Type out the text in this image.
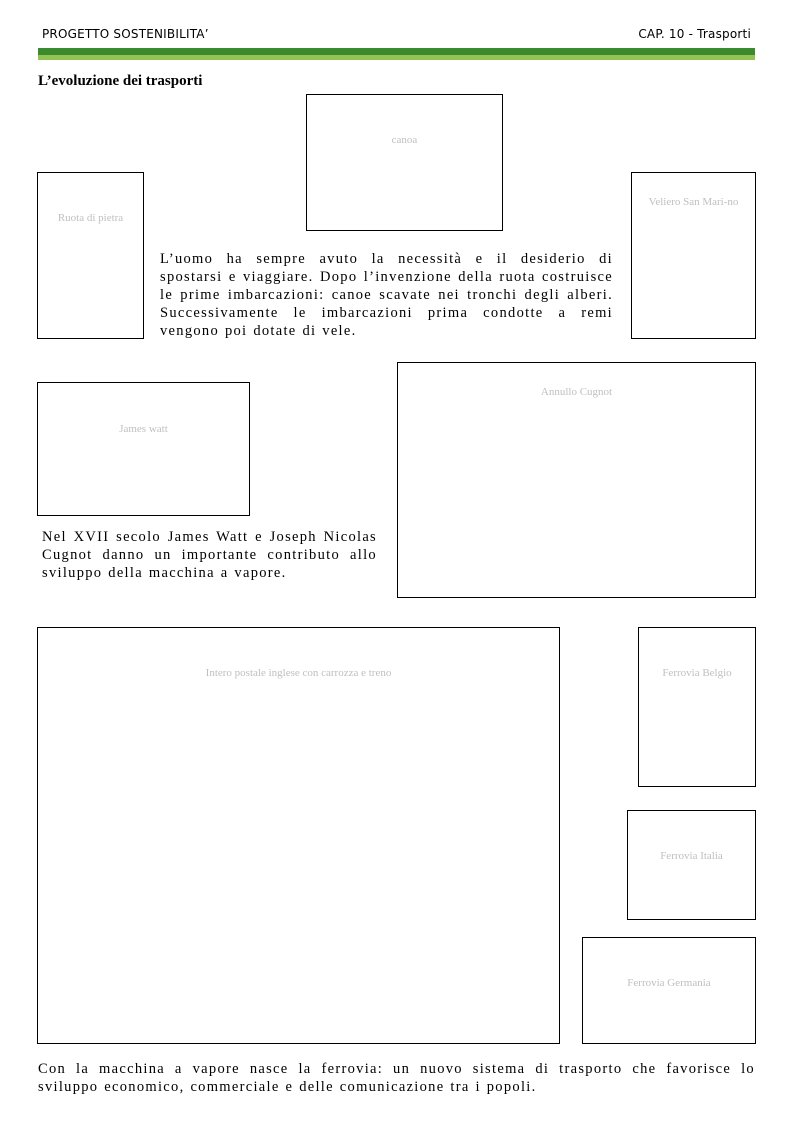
PROGETTO SOSTENIBILITA’	CAP. 10 - Trasporti
L’evoluzione dei trasporti
canoa
Ruota di pietra
Veliero San Mari-no
L’uomo ha sempre avuto la necessità e il desiderio di spostarsi e viaggiare. Dopo l’invenzione della ruota costruisce le prime imbarcazioni: canoe scavate nei tronchi degli alberi. Successivamente le imbarcazioni prima condotte a remi vengono poi dotate di vele.
James watt
Annullo Cugnot
Nel XVII secolo James Watt e Joseph Nicolas Cugnot danno un importante contributo allo sviluppo della macchina a vapore.
Intero postale inglese con carrozza e treno	Ferrovia Belgio
Ferrovia Italia
Ferrovia Germania
Con la macchina a vapore nasce la ferrovia: un nuovo sistema di trasporto che favorisce lo sviluppo economico, commerciale e delle comunicazione tra i popoli.
